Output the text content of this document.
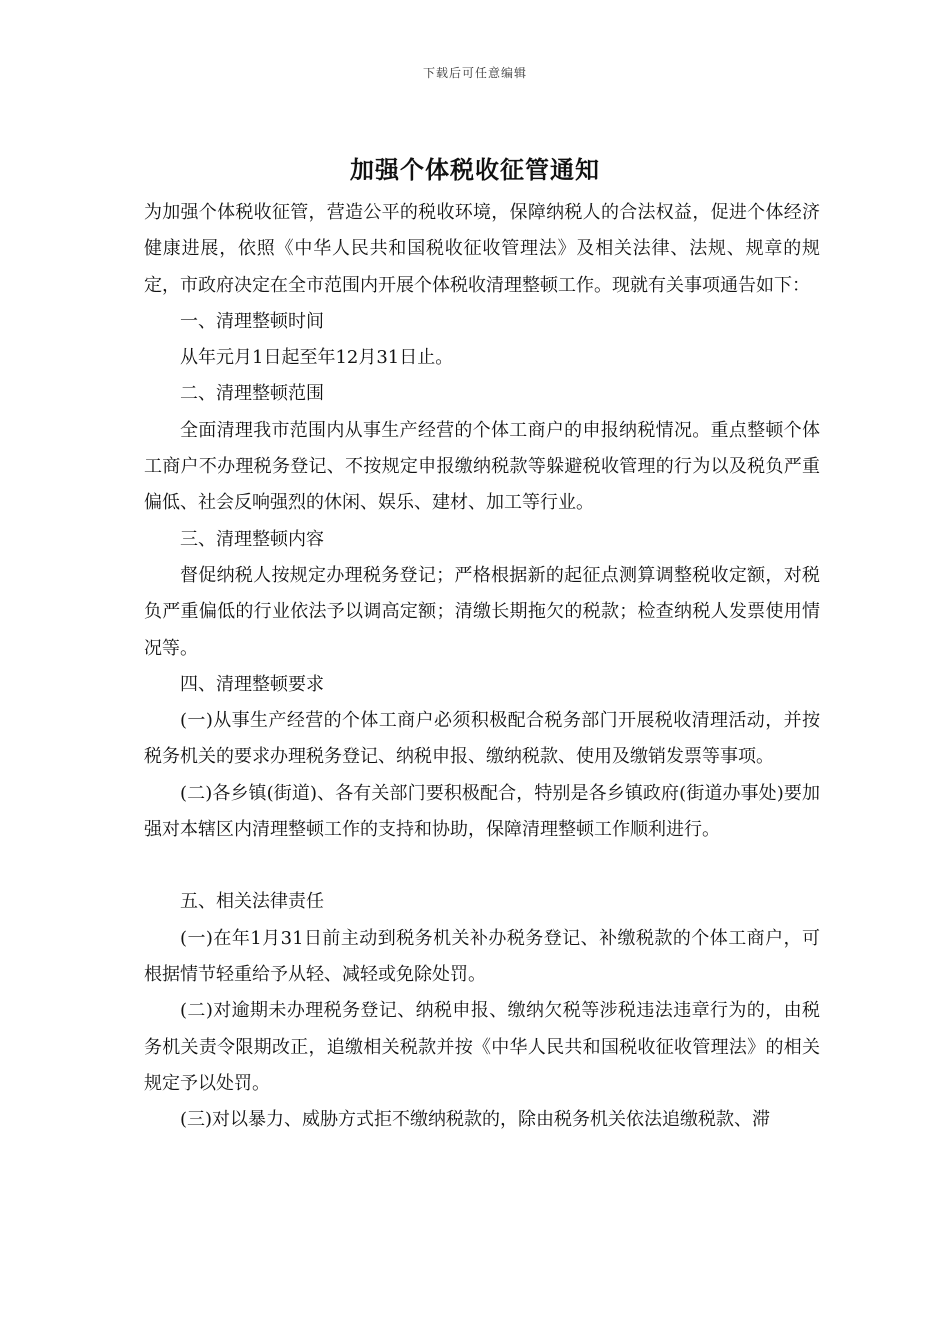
下载后可任意编辑
加强个体税收征管通知

为加强个体税收征管，营造公平的税收环境，保障纳税人的合法权益，促进个体经济健康进展，依照《中华人民共和国税收征收管理法》及相关法律、法规、规章的规定，市政府决定在全市范围内开展个体税收清理整顿工作。现就有关事项通告如下：

一、清理整顿时间

从年元月1日起至年12月31日止。

二、清理整顿范围

全面清理我市范围内从事生产经营的个体工商户的申报纳税情况。重点整顿个体工商户不办理税务登记、不按规定申报缴纳税款等躲避税收管理的行为以及税负严重偏低、社会反响强烈的休闲、娱乐、建材、加工等行业。

三、清理整顿内容

督促纳税人按规定办理税务登记；严格根据新的起征点测算调整税收定额，对税负严重偏低的行业依法予以调高定额；清缴长期拖欠的税款；检查纳税人发票使用情况等。

四、清理整顿要求

(一)从事生产经营的个体工商户必须积极配合税务部门开展税收清理活动，并按税务机关的要求办理税务登记、纳税申报、缴纳税款、使用及缴销发票等事项。

(二)各乡镇(街道)、各有关部门要积极配合，特别是各乡镇政府(街道办事处)要加强对本辖区内清理整顿工作的支持和协助，保障清理整顿工作顺利进行。

五、相关法律责任

(一)在年1月31日前主动到税务机关补办税务登记、补缴税款的个体工商户，可根据情节轻重给予从轻、减轻或免除处罚。

(二)对逾期未办理税务登记、纳税申报、缴纳欠税等涉税违法违章行为的，由税务机关责令限期改正，追缴相关税款并按《中华人民共和国税收征收管理法》的相关规定予以处罚。

(三)对以暴力、威胁方式拒不缴纳税款的，除由税务机关依法追缴税款、滞
